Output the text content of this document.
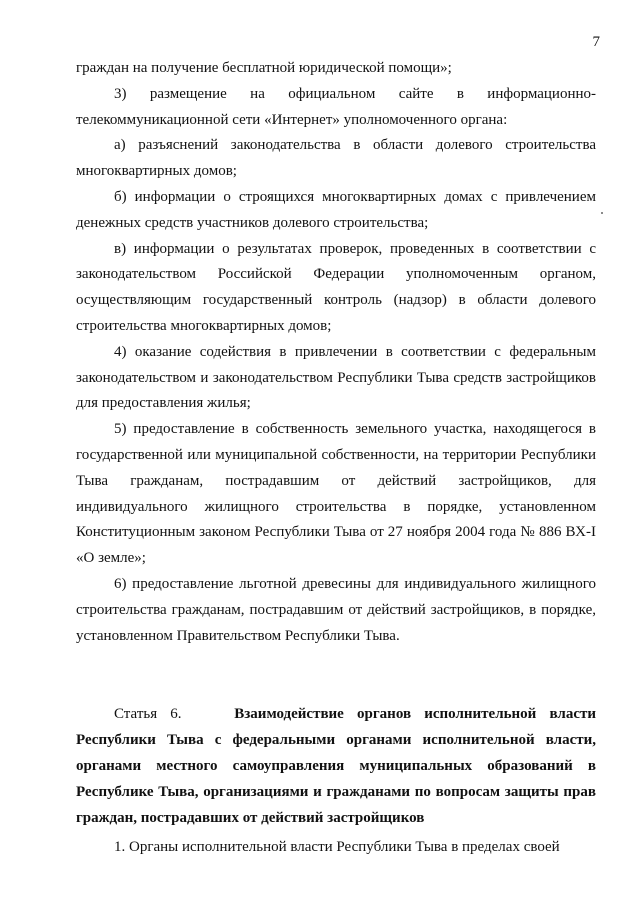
7

граждан на получение бесплатной юридической помощи»;

3) размещение на официальном сайте в информационно-телекоммуникационной сети «Интернет» уполномоченного органа:

а) разъяснений законодательства в области долевого строительства многоквартирных домов;

б) информации о строящихся многоквартирных домах с привлечением денежных средств участников долевого строительства;

в) информации о результатах проверок, проведенных в соответствии с законодательством Российской Федерации уполномоченным органом, осуществляющим государственный контроль (надзор) в области долевого строительства многоквартирных домов;

4) оказание содействия в привлечении в соответствии с федеральным законодательством и законодательством Республики Тыва средств застройщиков для предоставления жилья;

5) предоставление в собственность земельного участка, находящегося в государственной или муниципальной собственности, на территории Республики Тыва гражданам, пострадавшим от действий застройщиков, для индивидуального жилищного строительства в порядке, установленном Конституционным законом Республики Тыва от 27 ноября 2004 года № 886 ВХ-I «О земле»;

6) предоставление льготной древесины для индивидуального жилищного строительства гражданам, пострадавшим от действий застройщиков, в порядке, установленном Правительством Республики Тыва.

Статья 6.	Взаимодействие органов исполнительной власти Республики Тыва с федеральными органами исполнительной власти, органами местного самоуправления муниципальных образований в Республике Тыва, организациями и гражданами по вопросам защиты прав граждан, пострадавших от действий застройщиков

1. Органы исполнительной власти Республики Тыва в пределах своей
